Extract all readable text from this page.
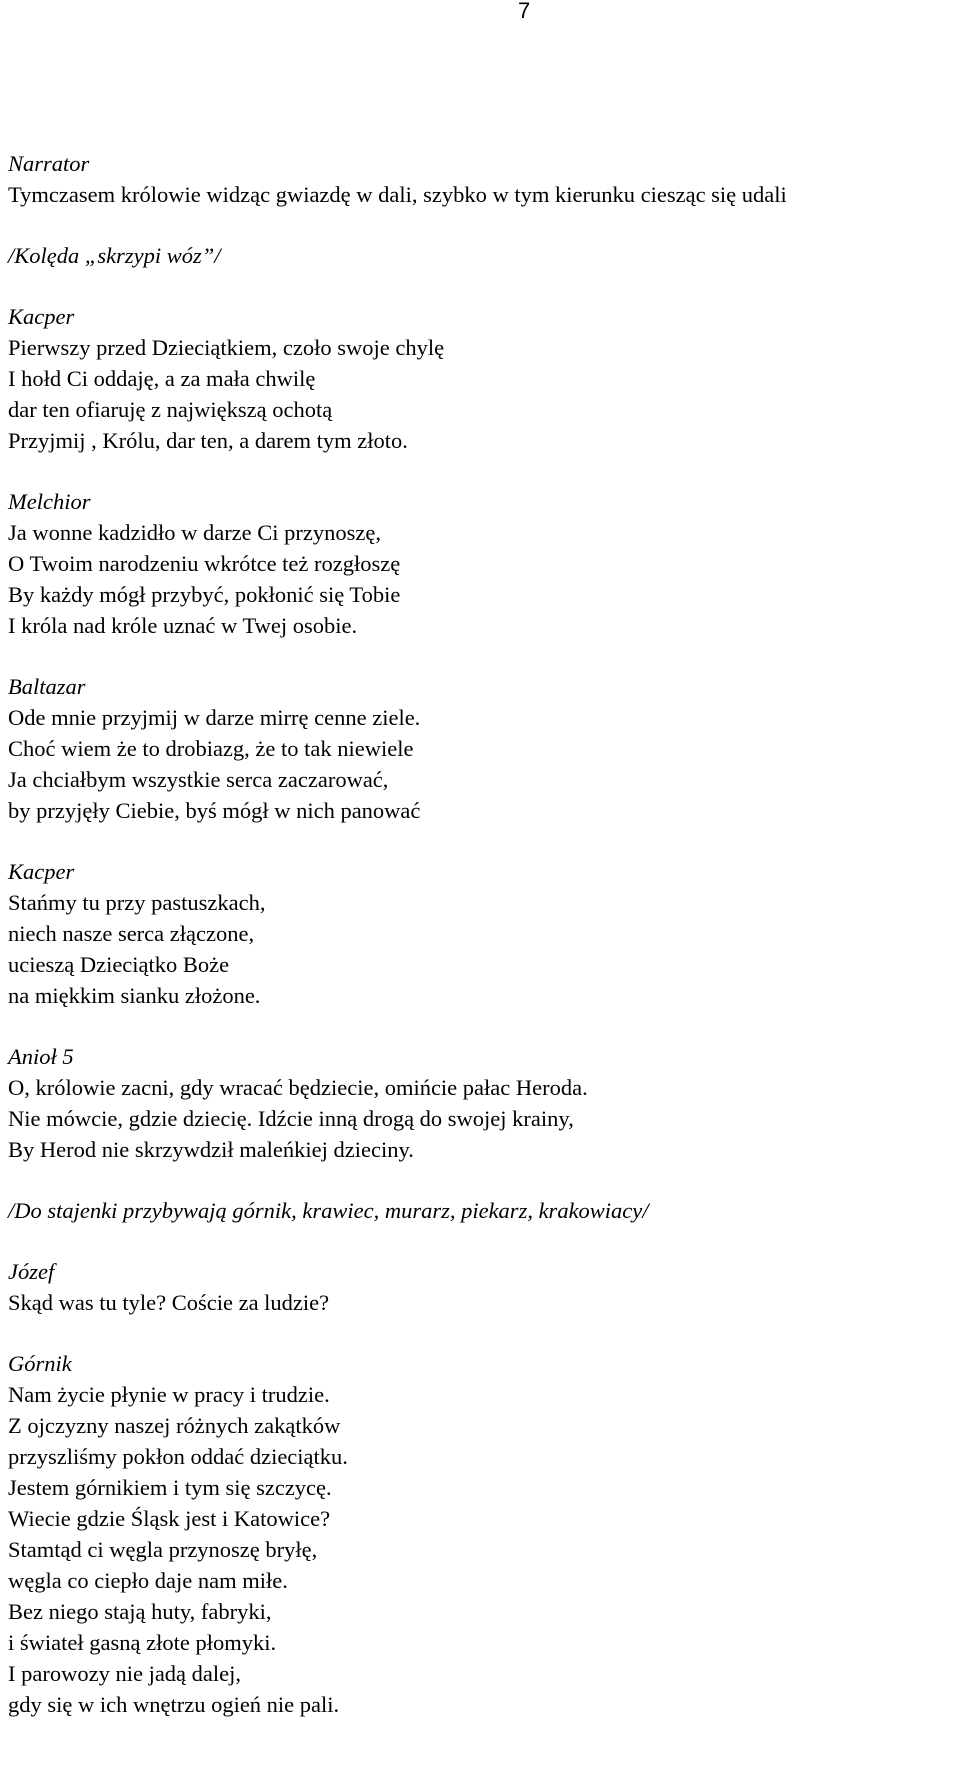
7
Narrator
Tymczasem królowie widząc gwiazdę w dali, szybko w tym kierunku ciesząc się udali
/Kolęda „skrzypi wóz”/
Kacper
Pierwszy przed Dzieciątkiem, czoło swoje chylę
I hołd Ci oddaję, a za mała chwilę
dar ten ofiaruję z największą ochotą
Przyjmij , Królu, dar ten, a darem tym złoto.
Melchior
Ja wonne kadzidło w darze Ci przynoszę,
O Twoim narodzeniu wkrótce też rozgłoszę
By każdy mógł przybyć, pokłonić się Tobie
I króla nad króle uznać w Twej osobie.
Baltazar
Ode mnie przyjmij w darze mirrę cenne ziele.
Choć wiem że to drobiazg, że to tak niewiele
Ja chciałbym wszystkie serca zaczarować,
by przyjęły Ciebie, byś mógł w nich panować
Kacper
Stańmy tu przy pastuszkach,
niech nasze serca złączone,
ucieszą Dzieciątko Boże
na miękkim sianku złożone.
Anioł 5
O, królowie zacni, gdy wracać będziecie, omińcie pałac Heroda.
Nie mówcie, gdzie dziecię. Idźcie inną drogą do swojej krainy,
By Herod nie skrzywdził maleńkiej dzieciny.
/Do stajenki przybywają górnik, krawiec, murarz, piekarz, krakowiacy/
Józef
Skąd was tu tyle? Coście za ludzie?
Górnik
Nam życie płynie w pracy i trudzie.
Z ojczyzny naszej różnych zakątków
przyszliśmy pokłon oddać dzieciątku.
Jestem górnikiem i tym się szczycę.
Wiecie gdzie Śląsk jest i Katowice?
Stamtąd ci węgla przynoszę bryłę,
węgla co ciepło daje nam miłe.
Bez niego stają huty, fabryki,
i świateł gasną złote płomyki.
I parowozy nie jadą dalej,
gdy się w ich wnętrzu ogień nie pali.
